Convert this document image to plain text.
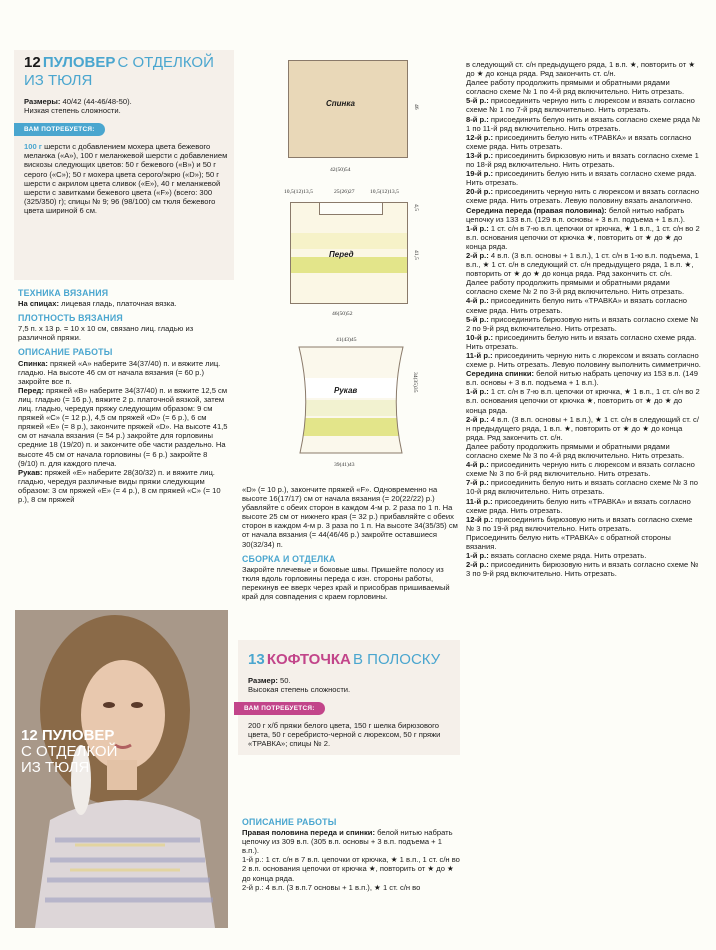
12 ПУЛОВЕР С ОТДЕЛКОЙ
ИЗ ТЮЛЯ

Размеры: 40/42 (44-46/48-50).

Низкая степень сложности.

ВАМ ПОТРЕБУЕТСЯ:

100 г шерсти с добавлением мохера цвета бежевого меланжа («А»), 100 г меланжевой шерсти с добавлением вискозы следующих цветов: 50 г бежевого («В») и 50 г серого («С»); 50 г мохера цвета серого/экрю («D»); 50 г шерсти с акрилом цвета сливок («Е»), 40 г меланжевой шерсти с завитками бежевого цвета («F») (всего: 300 (325/350) г); спицы № 9; 96 (98/100) см тюля бежевого цвета шириной 6 см.

ТЕХНИКА ВЯЗАНИЯ

На спицах: лицевая гладь, платочная вязка.

ПЛОТНОСТЬ ВЯЗАНИЯ

7,5 п. х 13 р. = 10 х 10 см, связано лиц. гладью из различной пряжи.

ОПИСАНИЕ РАБОТЫ

Спинка: пряжей «А» наберите 34(37/40) п. и вяжите лиц. гладью. На высоте 46 см от начала вязания (= 60 р.) закройте все п.

Перед: пряжей «В» наберите 34(37/40) п. и вяжите 12,5 см лиц. гладью (= 16 р.), вяжите 2 р. платочной вязкой, затем лиц. гладью, чередуя пряжу следующим образом: 9 см пряжей «С» (= 12 р.), 4,5 см пряжей «D» (= 6 р.), 6 см пряжей «Е» (= 8 р.), закончите пряжей «D». На высоте 41,5 см от начала вязания (= 54 р.) закройте для горловины средние 18 (19/20) п. и закончите обе части раздельно. На высоте 45 см от начала горловины (= 6 р.) закройте 8 (9/10) п. для каждого плеча.

Рукав: пряжей «Е» наберите 28(30/32) п. и вяжите лиц. гладью, чередуя различные виды пряжи следующим образом: 3 см пряжей «Е» (= 4 р.), 8 см пряжей «С» (= 10 р.), 8 см пряжей

12 ПУЛОВЕР
С ОТДЕЛКОЙ
ИЗ ТЮЛЯ
Спинка	46
42(50)54
10,5(12)13,5	25(26)27	10,5(12)13,5
Перед
4,5
41,5
46(50)52
41(43)45
Рукав	34(35)35
39(41)43

«D» (= 10 р.), закончите пряжей «F». Одновременно на высоте 16(17/17) см от начала вязания (= 20(22/22) р.) убавляйте с обеих сторон в каждом 4-м р. 2 раза по 1 п. На высоте 25 см от нижнего края (= 32 р.) прибавляйте с обеих сторон в каждом 4-м р. 3 раза по 1 п. На высоте 34(35/35) см от начала вязания (= 44(46/46 р.) закройте оставшиеся 30(32/34) п.

СБОРКА И ОТДЕЛКА

Закройте плечевые и боковые швы. Пришейте полосу из тюля вдоль горловины переда с изн. стороны работы, перекинув ее вверх через край и присобрав пришиваемый край для совпадения с краем горловины.

13 КОФТОЧКА В ПОЛОСКУ

Размер: 50.

Высокая степень сложности.

ВАМ ПОТРЕБУЕТСЯ:

200 г х/б пряжи белого цвета, 150 г шелка бирюзового цвета, 50 г серебристо-черной с люрексом, 50 г пряжи «ТРАВКА»; спицы № 2.

ОПИСАНИЕ РАБОТЫ

Правая половина переда и спинки: белой нитью набрать цепочку из 309 в.п. (305 в.п. основы + 3 в.п. подъема + 1 в.п.).

1-й р.: 1 ст. с/н в 7 в.п. цепочки от крючка, ★ 1 в.п., 1 ст. с/н во 2 в.п. основания цепочки от крючка ★, повторить от ★ до ★ до конца ряда.

2-й р.: 4 в.п. (3 в.п.7 основы + 1 в.п.), ★ 1 ст. с/н во

в следующий ст. с/н предыдущего ряда, 1 в.п. ★, повторить от ★ до ★ до конца ряда. Ряд закончить ст. с/н.

Далее работу продолжить прямыми и обратными рядами согласно схеме № 1 по 4-й ряд включительно. Нить отрезать.

5-й р.: присоединить черную нить с люрексом и вязать согласно схеме № 1 по 7-й ряд включительно. Нить отрезать.

8-й р.: присоединить белую нить и вязать согласно схеме ряда № 1 по 11-й ряд включительно. Нить отрезать.

12-й р.: присоединить белую нить «ТРАВКА» и вязать согласно схеме ряда. Нить отрезать.

13-й р.: присоединить бирюзовую нить и вязать согласно схеме 1 по 18-й ряд включительно. Нить отрезать.

19-й р.: присоединить белую нить и вязать согласно схеме ряда. Нить отрезать.

20-й р.: присоединить черную нить с люрексом и вязать согласно схеме ряда. Нить отрезать. Левую половину вязать аналогично.

Середина переда (правая половина): белой нитью набрать цепочку из 133 в.п. (129 в.п. основы + 3 в.п. подъема + 1 в.п.).

1-й р.: 1 ст. с/н в 7-ю в.п. цепочки от крючка, ★ 1 в.п., 1 ст. с/н во 2 в.п. основания цепочки от крючка ★, повторить от ★ до ★ до конца ряда.

2-й р.: 4 в.п. (3 в.п. основы + 1 в.п.), 1 ст. с/н в 1-ю в.п. подъема, 1 в.п., ★ 1 ст. с/н в следующий ст. с/н предыдущего ряда, 1 в.п. ★, повторить от ★ до ★ до конца ряда. Ряд закончить ст. с/н.

Далее работу продолжить прямыми и обратными рядами согласно схеме № 2 по 3-й ряд включительно. Нить отрезать.

4-й р.: присоединить белую нить «ТРАВКА» и вязать согласно схеме ряда. Нить отрезать.

5-й р.: присоединить бирюзовую нить и вязать согласно схеме № 2 по 9-й ряд включительно. Нить отрезать.

10-й р.: присоединить белую нить и вязать согласно схеме ряда. Нить отрезать.

11-й р.: присоединить черную нить с люрексом и вязать согласно схеме р. Нить отрезать. Левую половину выполнить симметрично.

Середина спинки: белой нитью набрать цепочку из 153 в.п. (149 в.п. основы + 3 в.п. подъема + 1 в.п.).

1-й р.: 1 ст. с/н в 7-ю в.п. цепочки от крючка, ★ 1 в.п., 1 ст. с/н во 2 в.п. основания цепочки от крючка ★, повторить от ★ до ★ до конца ряда.

2-й р.: 4 в.п. (3 в.п. основы + 1 в.п.), ★ 1 ст. с/н в следующий ст. с/н предыдущего ряда, 1 в.п. ★, повторить от ★ до ★ до конца ряда. Ряд закончить ст. с/н.

Далее работу продолжить прямыми и обратными рядами согласно схеме № 3 по 4-й ряд включительно. Нить отрезать.

4-й р.: присоединить черную нить с люрексом и вязать согласно схеме № 3 по 6-й ряд включительно. Нить отрезать.

7-й р.: присоединить белую нить и вязать согласно схеме № 3 по 10-й ряд включительно. Нить отрезать.

11-й р.: присоединить белую нить «ТРАВКА» и вязать согласно схеме ряда. Нить отрезать.

12-й р.: присоединить бирюзовую нить и вязать согласно схеме № 3 по 19-й ряд включительно. Нить отрезать.

Присоединить белую нить «ТРАВКА» с обратной стороны вязания.

1-й р.: вязать согласно схеме ряда. Нить отрезать.

2-й р.: присоединить бирюзовую нить и вязать согласно схеме № 3 по 9-й ряд включительно. Нить отрезать.
